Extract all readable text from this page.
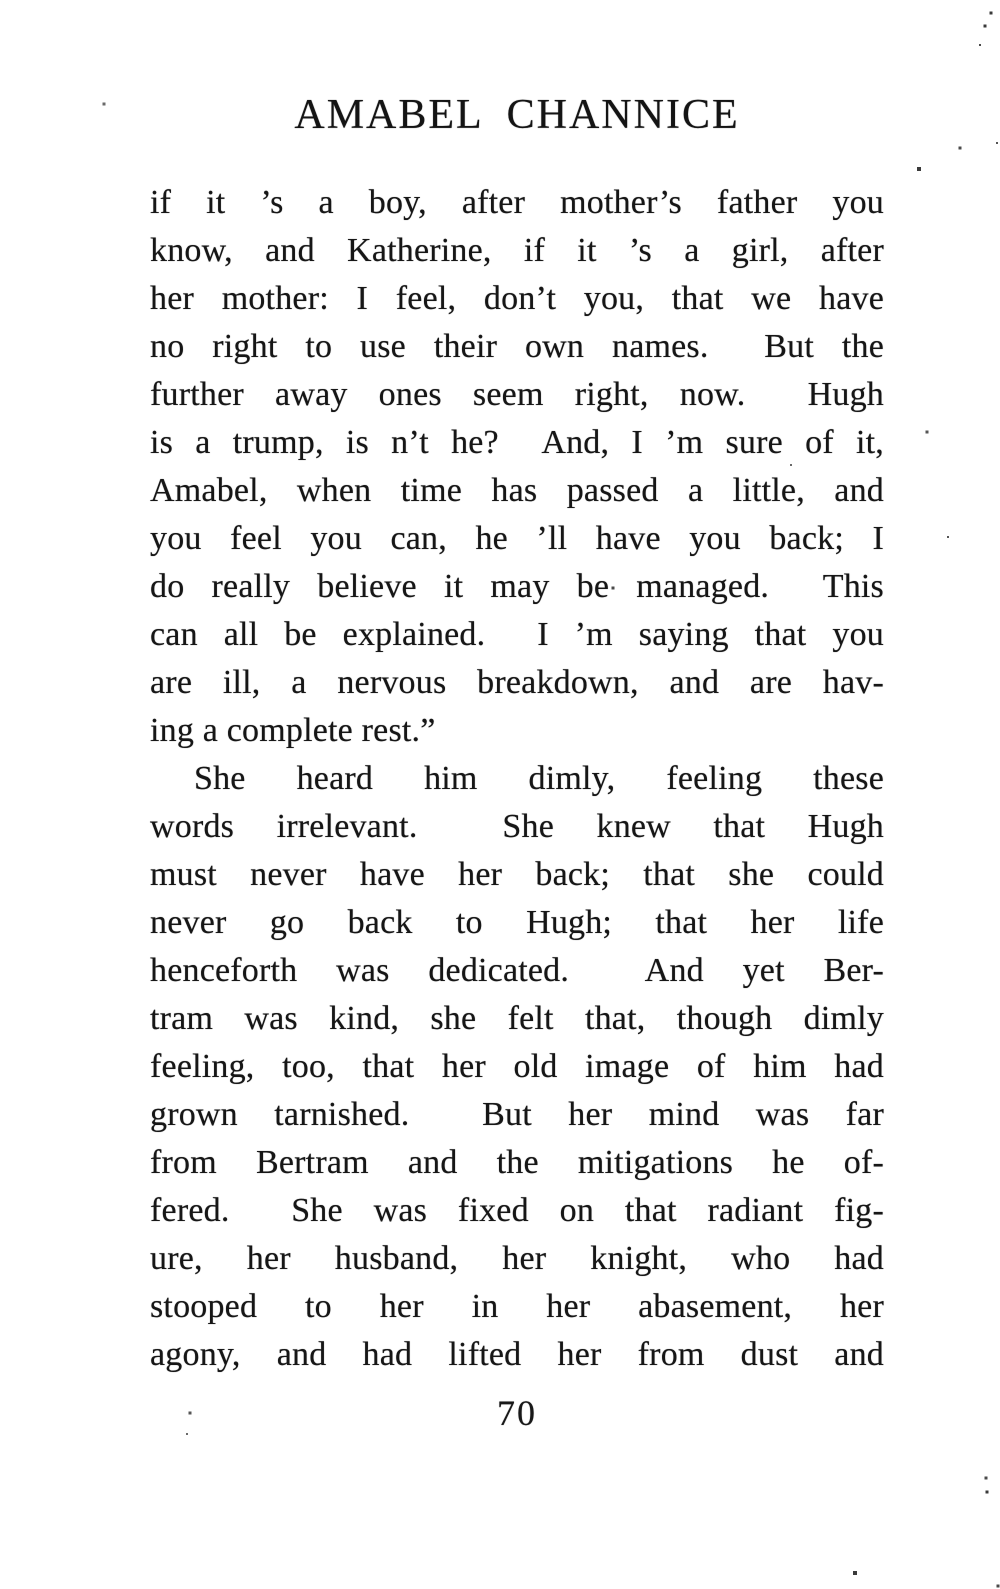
AMABEL CHANNICE
if it ’s a boy, after mother’s father you
know, and Katherine, if it ’s a girl, after
her mother: I feel, don’t you, that we have
no right to use their own names.  But the
further away ones seem right, now.  Hugh
is a trump, is n’t he?  And, I ’m sure of it,
Amabel, when time has passed a little, and
you feel you can, he ’ll have you back; I
do really believe it may be managed.  This
can all be explained.  I ’m saying that you
are ill, a nervous breakdown, and are hav-
ing a complete rest.”
She heard him dimly, feeling these
words irrelevant.  She knew that Hugh
must never have her back; that she could
never go back to Hugh; that her life
henceforth was dedicated.  And yet Ber-
tram was kind, she felt that, though dimly
feeling, too, that her old image of him had
grown tarnished.  But her mind was far
from Bertram and the mitigations he of-
fered.  She was fixed on that radiant fig-
ure, her husband, her knight, who had
stooped to her in her abasement, her
agony, and had lifted her from dust and
70
